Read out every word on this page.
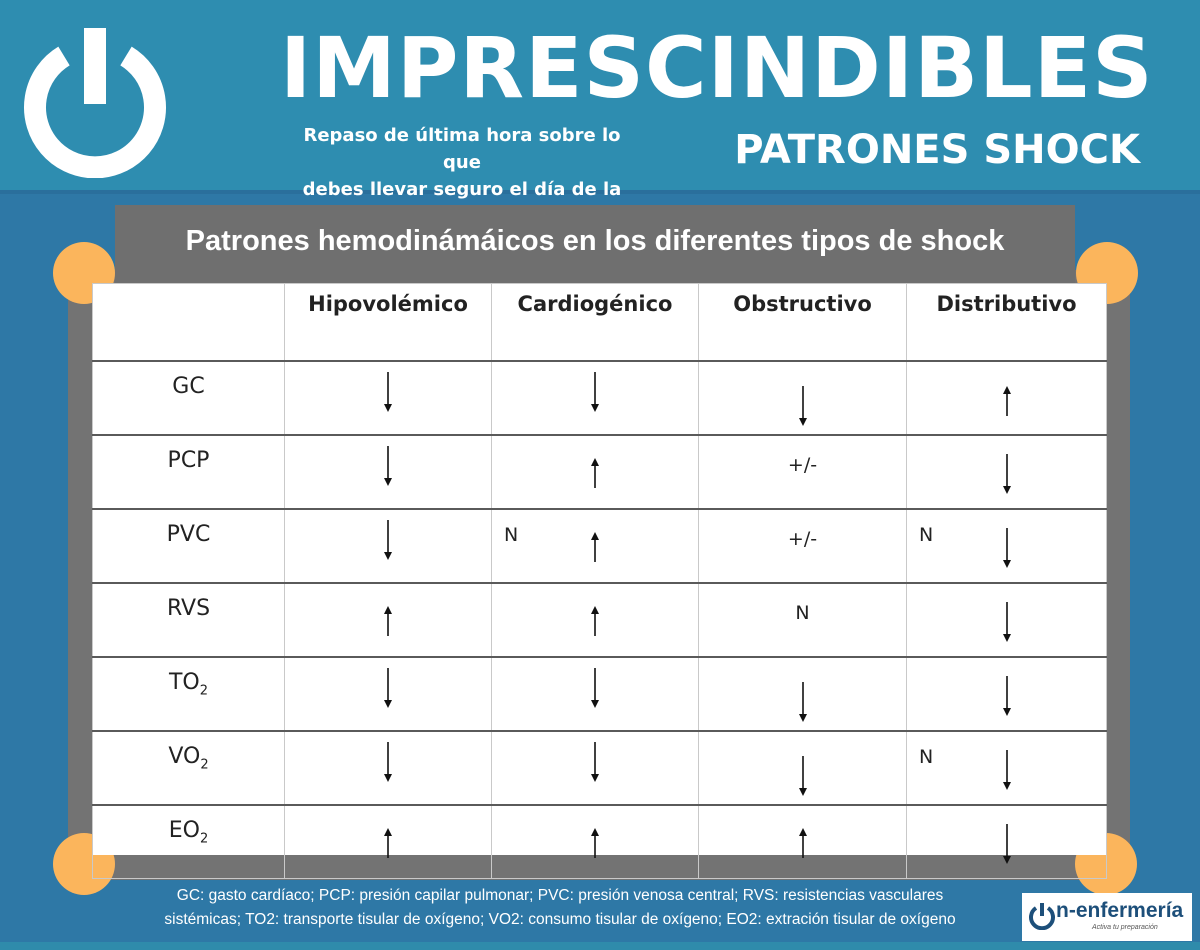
IMPRESCINDIBLES
Repaso de última hora sobre lo que
debes llevar seguro el día de la
PATRONES SHOCK
Patrones hemodinámáicos en los diferentes tipos de shock
	Hipovolémico	Cardiogénico	Obstructivo	Distributivo

GC

PCP			+/-

PVC		N	+/-	N

RVS			N

$TO_2$

$VO_2$				N

$EO_2$

GC: gasto cardíaco; PCP: presión capilar pulmonar; PVC: presión venosa central; RVS: resistencias vasculares
sistémicas; TO2: transporte tisular de oxígeno; VO2: consumo tisular de oxígeno; EO2: extración tisular de oxígeno	n-enfermería
Activa tu preparación
